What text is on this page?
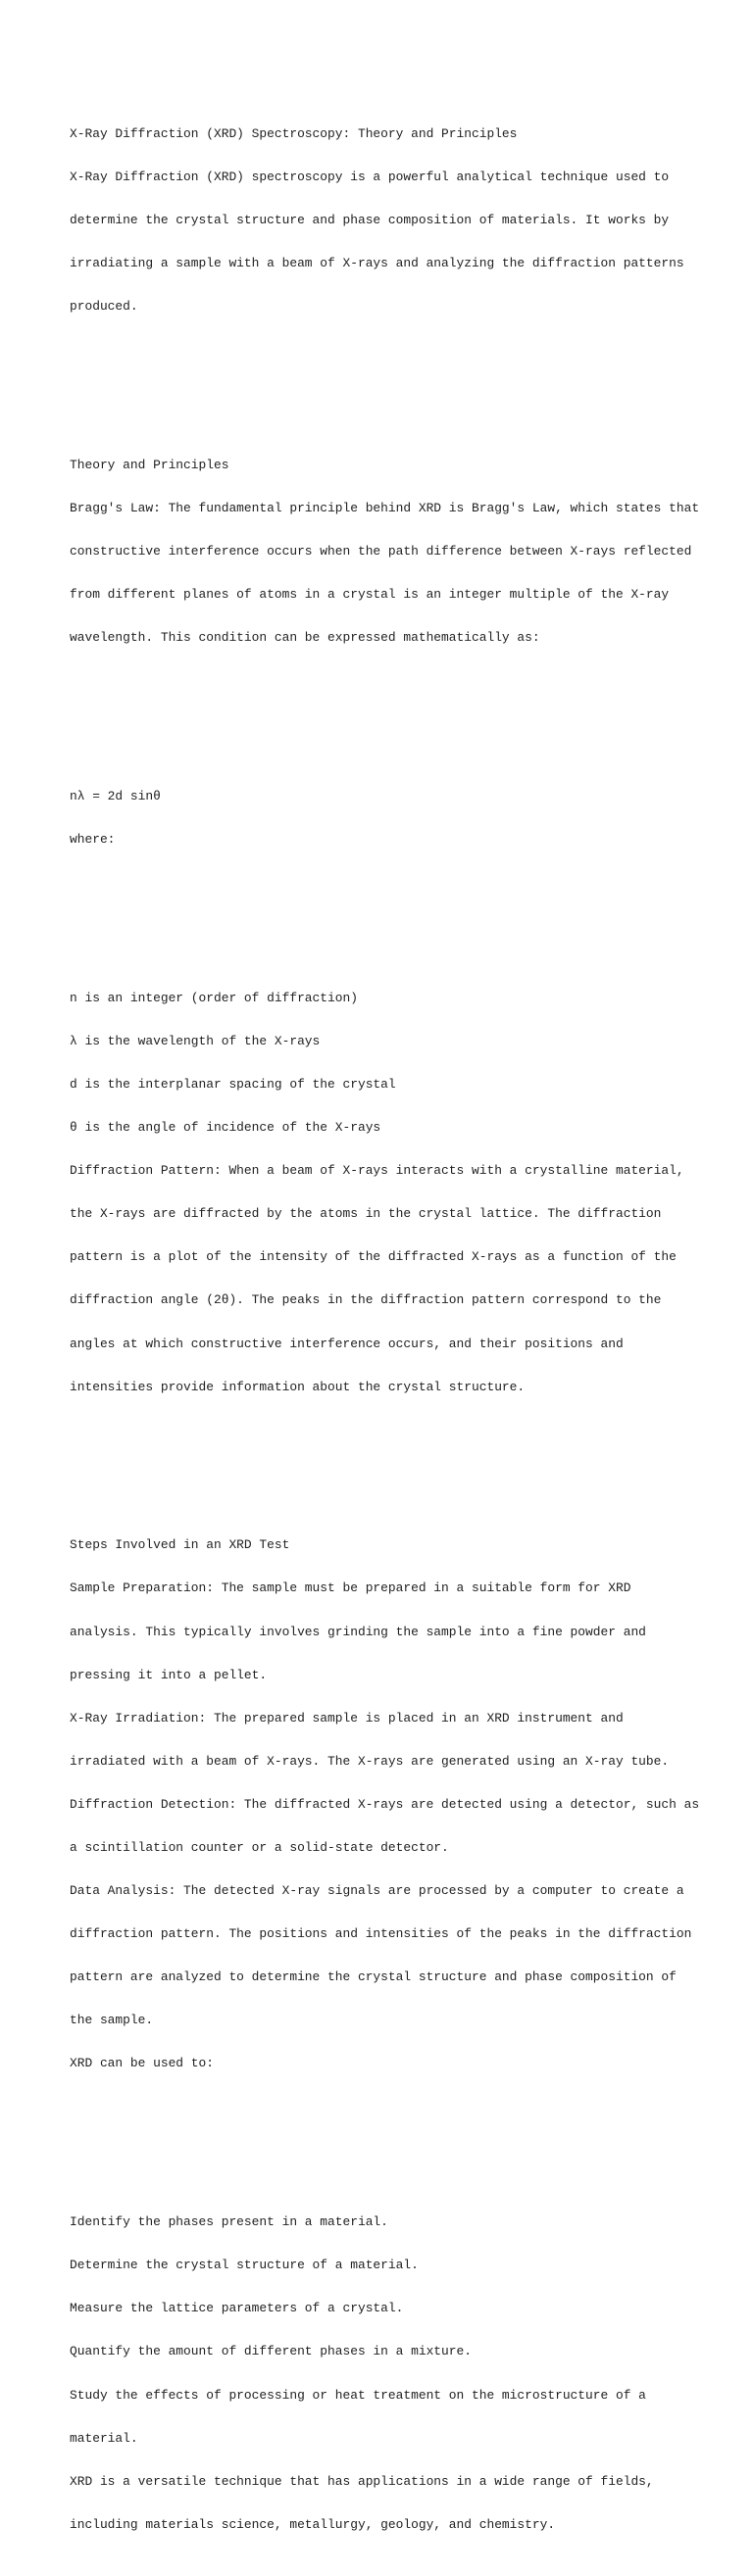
X-Ray Diffraction (XRD) Spectroscopy: Theory and Principles

X-Ray Diffraction (XRD) spectroscopy is a powerful analytical technique used to

determine the crystal structure and phase composition of materials. It works by

irradiating a sample with a beam of X-rays and analyzing the diffraction patterns

produced.

Theory and Principles

Bragg's Law: The fundamental principle behind XRD is Bragg's Law, which states that

constructive interference occurs when the path difference between X-rays reflected

from different planes of atoms in a crystal is an integer multiple of the X-ray

wavelength. This condition can be expressed mathematically as:

nλ = 2d sinθ

where:

n is an integer (order of diffraction)

λ is the wavelength of the X-rays

d is the interplanar spacing of the crystal

θ is the angle of incidence of the X-rays

Diffraction Pattern: When a beam of X-rays interacts with a crystalline material,

the X-rays are diffracted by the atoms in the crystal lattice. The diffraction

pattern is a plot of the intensity of the diffracted X-rays as a function of the

diffraction angle (2θ). The peaks in the diffraction pattern correspond to the

angles at which constructive interference occurs, and their positions and

intensities provide information about the crystal structure.

Steps Involved in an XRD Test

Sample Preparation: The sample must be prepared in a suitable form for XRD

analysis. This typically involves grinding the sample into a fine powder and

pressing it into a pellet.

X-Ray Irradiation: The prepared sample is placed in an XRD instrument and

irradiated with a beam of X-rays. The X-rays are generated using an X-ray tube.

Diffraction Detection: The diffracted X-rays are detected using a detector, such as

a scintillation counter or a solid-state detector.

Data Analysis: The detected X-ray signals are processed by a computer to create a

diffraction pattern. The positions and intensities of the peaks in the diffraction

pattern are analyzed to determine the crystal structure and phase composition of

the sample.

XRD can be used to:

Identify the phases present in a material.

Determine the crystal structure of a material.

Measure the lattice parameters of a crystal.

Quantify the amount of different phases in a mixture.

Study the effects of processing or heat treatment on the microstructure of a

material.

XRD is a versatile technique that has applications in a wide range of fields,

including materials science, metallurgy, geology, and chemistry.
